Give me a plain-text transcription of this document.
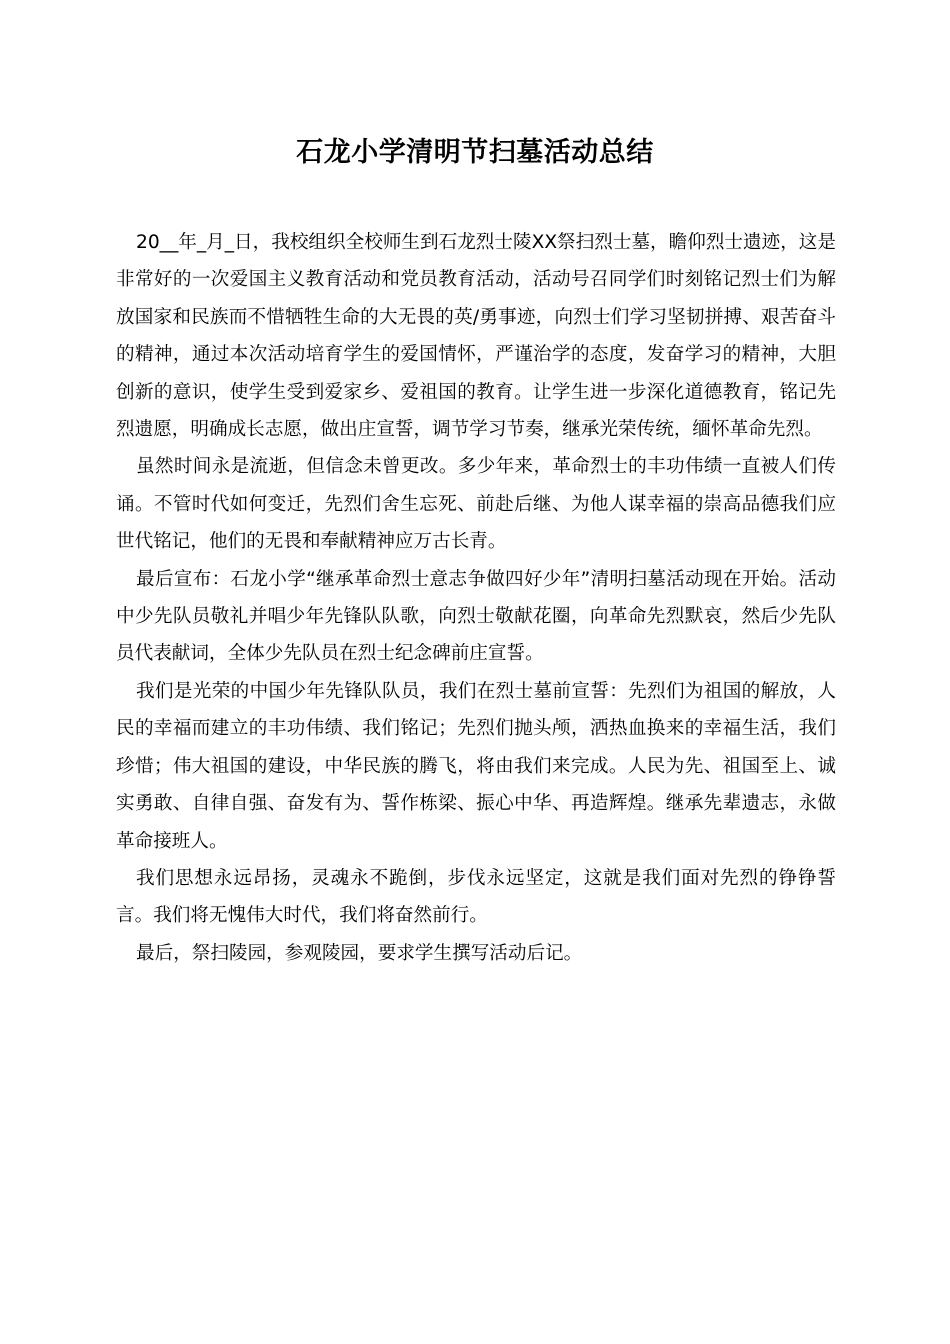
石龙小学清明节扫墓活动总结

20__年_月_日，我校组织全校师生到石龙烈士陵XX祭扫烈士墓，瞻仰烈士遗迹，这是非常好的一次爱国主义教育活动和党员教育活动，活动号召同学们时刻铭记烈士们为解放国家和民族而不惜牺牲生命的大无畏的英/勇事迹，向烈士们学习坚韧拼搏、艰苦奋斗的精神，通过本次活动培育学生的爱国情怀，严谨治学的态度，发奋学习的精神，大胆创新的意识，使学生受到爱家乡、爱祖国的教育。让学生进一步深化道德教育，铭记先烈遗愿，明确成长志愿，做出庄宣誓，调节学习节奏，继承光荣传统，缅怀革命先烈。

虽然时间永是流逝，但信念未曾更改。多少年来，革命烈士的丰功伟绩一直被人们传诵。不管时代如何变迁，先烈们舍生忘死、前赴后继、为他人谋幸福的崇高品德我们应世代铭记，他们的无畏和奉献精神应万古长青。

最后宣布：石龙小学“继承革命烈士意志争做四好少年”清明扫墓活动现在开始。活动中少先队员敬礼并唱少年先锋队队歌，向烈士敬献花圈，向革命先烈默哀，然后少先队员代表献词，全体少先队员在烈士纪念碑前庄宣誓。

我们是光荣的中国少年先锋队队员，我们在烈士墓前宣誓：先烈们为祖国的解放，人民的幸福而建立的丰功伟绩、我们铭记；先烈们抛头颅，洒热血换来的幸福生活，我们珍惜；伟大祖国的建设，中华民族的腾飞，将由我们来完成。人民为先、祖国至上、诚实勇敢、自律自强、奋发有为、誓作栋梁、振心中华、再造辉煌。继承先辈遗志，永做革命接班人。

我们思想永远昂扬，灵魂永不跪倒，步伐永远坚定，这就是我们面对先烈的铮铮誓言。我们将无愧伟大时代，我们将奋然前行。

最后，祭扫陵园，参观陵园，要求学生撰写活动后记。
